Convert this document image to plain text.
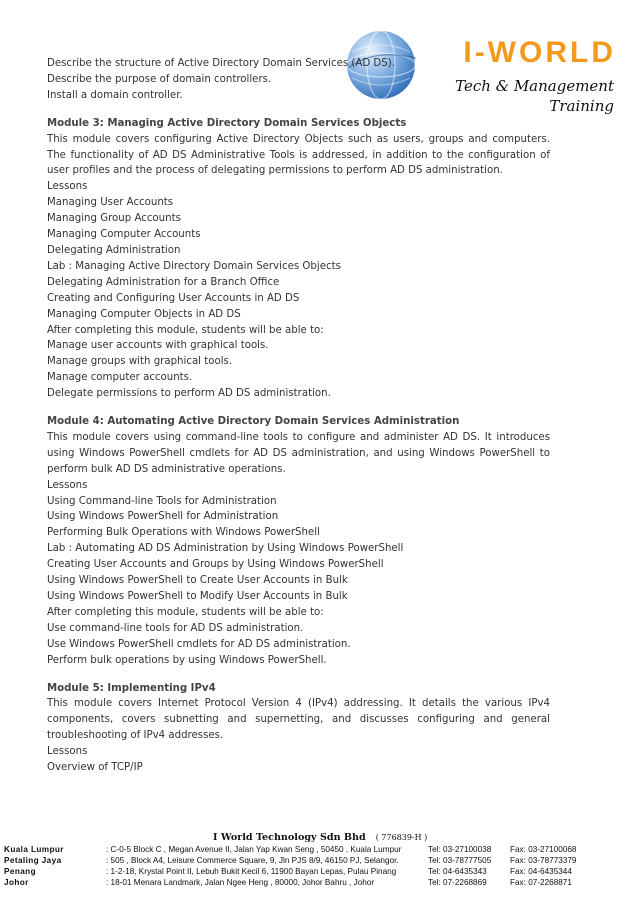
I-WORLD
Tech & Management Training
Describe the structure of Active Directory Domain Services (AD DS).
Describe the purpose of domain controllers.
Install a domain controller.
Module 3: Managing Active Directory Domain Services Objects
This module covers configuring Active Directory Objects such as users, groups and computers. The functionality of AD DS Administrative Tools is addressed, in addition to the configuration of user profiles and the process of delegating permissions to perform AD DS administration.
Lessons
Managing User Accounts
Managing Group Accounts
Managing Computer Accounts
Delegating Administration
Lab : Managing Active Directory Domain Services Objects
Delegating Administration for a Branch Office
Creating and Configuring User Accounts in AD DS
Managing Computer Objects in AD DS
After completing this module, students will be able to:
Manage user accounts with graphical tools.
Manage groups with graphical tools.
Manage computer accounts.
Delegate permissions to perform AD DS administration.
Module 4: Automating Active Directory Domain Services Administration
This module covers using command-line tools to configure and administer AD DS. It introduces using Windows PowerShell cmdlets for AD DS administration, and using Windows PowerShell to perform bulk AD DS administrative operations.
Lessons
Using Command-line Tools for Administration
Using Windows PowerShell for Administration
Performing Bulk Operations with Windows PowerShell
Lab : Automating AD DS Administration by Using Windows PowerShell
Creating User Accounts and Groups by Using Windows PowerShell
Using Windows PowerShell to Create User Accounts in Bulk
Using Windows PowerShell to Modify User Accounts in Bulk
After completing this module, students will be able to:
Use command-line tools for AD DS administration.
Use Windows PowerShell cmdlets for AD DS administration.
Perform bulk operations by using Windows PowerShell.
Module 5: Implementing IPv4
This module covers Internet Protocol Version 4 (IPv4) addressing. It details the various IPv4 components, covers subnetting and supernetting, and discusses configuring and general troubleshooting of IPv4 addresses.
Lessons
Overview of TCP/IP
I World Technology Sdn Bhd ( 776839-H )
Kuala Lumpur	: C-0-5 Block C , Megan Avenue II, Jalan Yap Kwan Seng , 50450 , Kuala Lumpur	Tel: 03-27100038 Fax: 03-27100068
Petaling Jaya	: 505 , Block A4, Leisure Commerce Square, 9, Jln PJS 8/9, 46150 PJ, Selangor.	Tel: 03-78777505 Fax: 03-78773379
Penang	: 1-2-18, Krystal Point II, Lebuh Bukit Kecil 6, 11900 Bayan Lepas, Pulau Pinang	Tel: 04-6435343	Fax: 04-6435344
Johor	: 18-01 Menara Landmark, Jalan Ngee Heng , 80000, Johor Bahru , Johor	Tel: 07-2268869	Fax: 07-2268871
